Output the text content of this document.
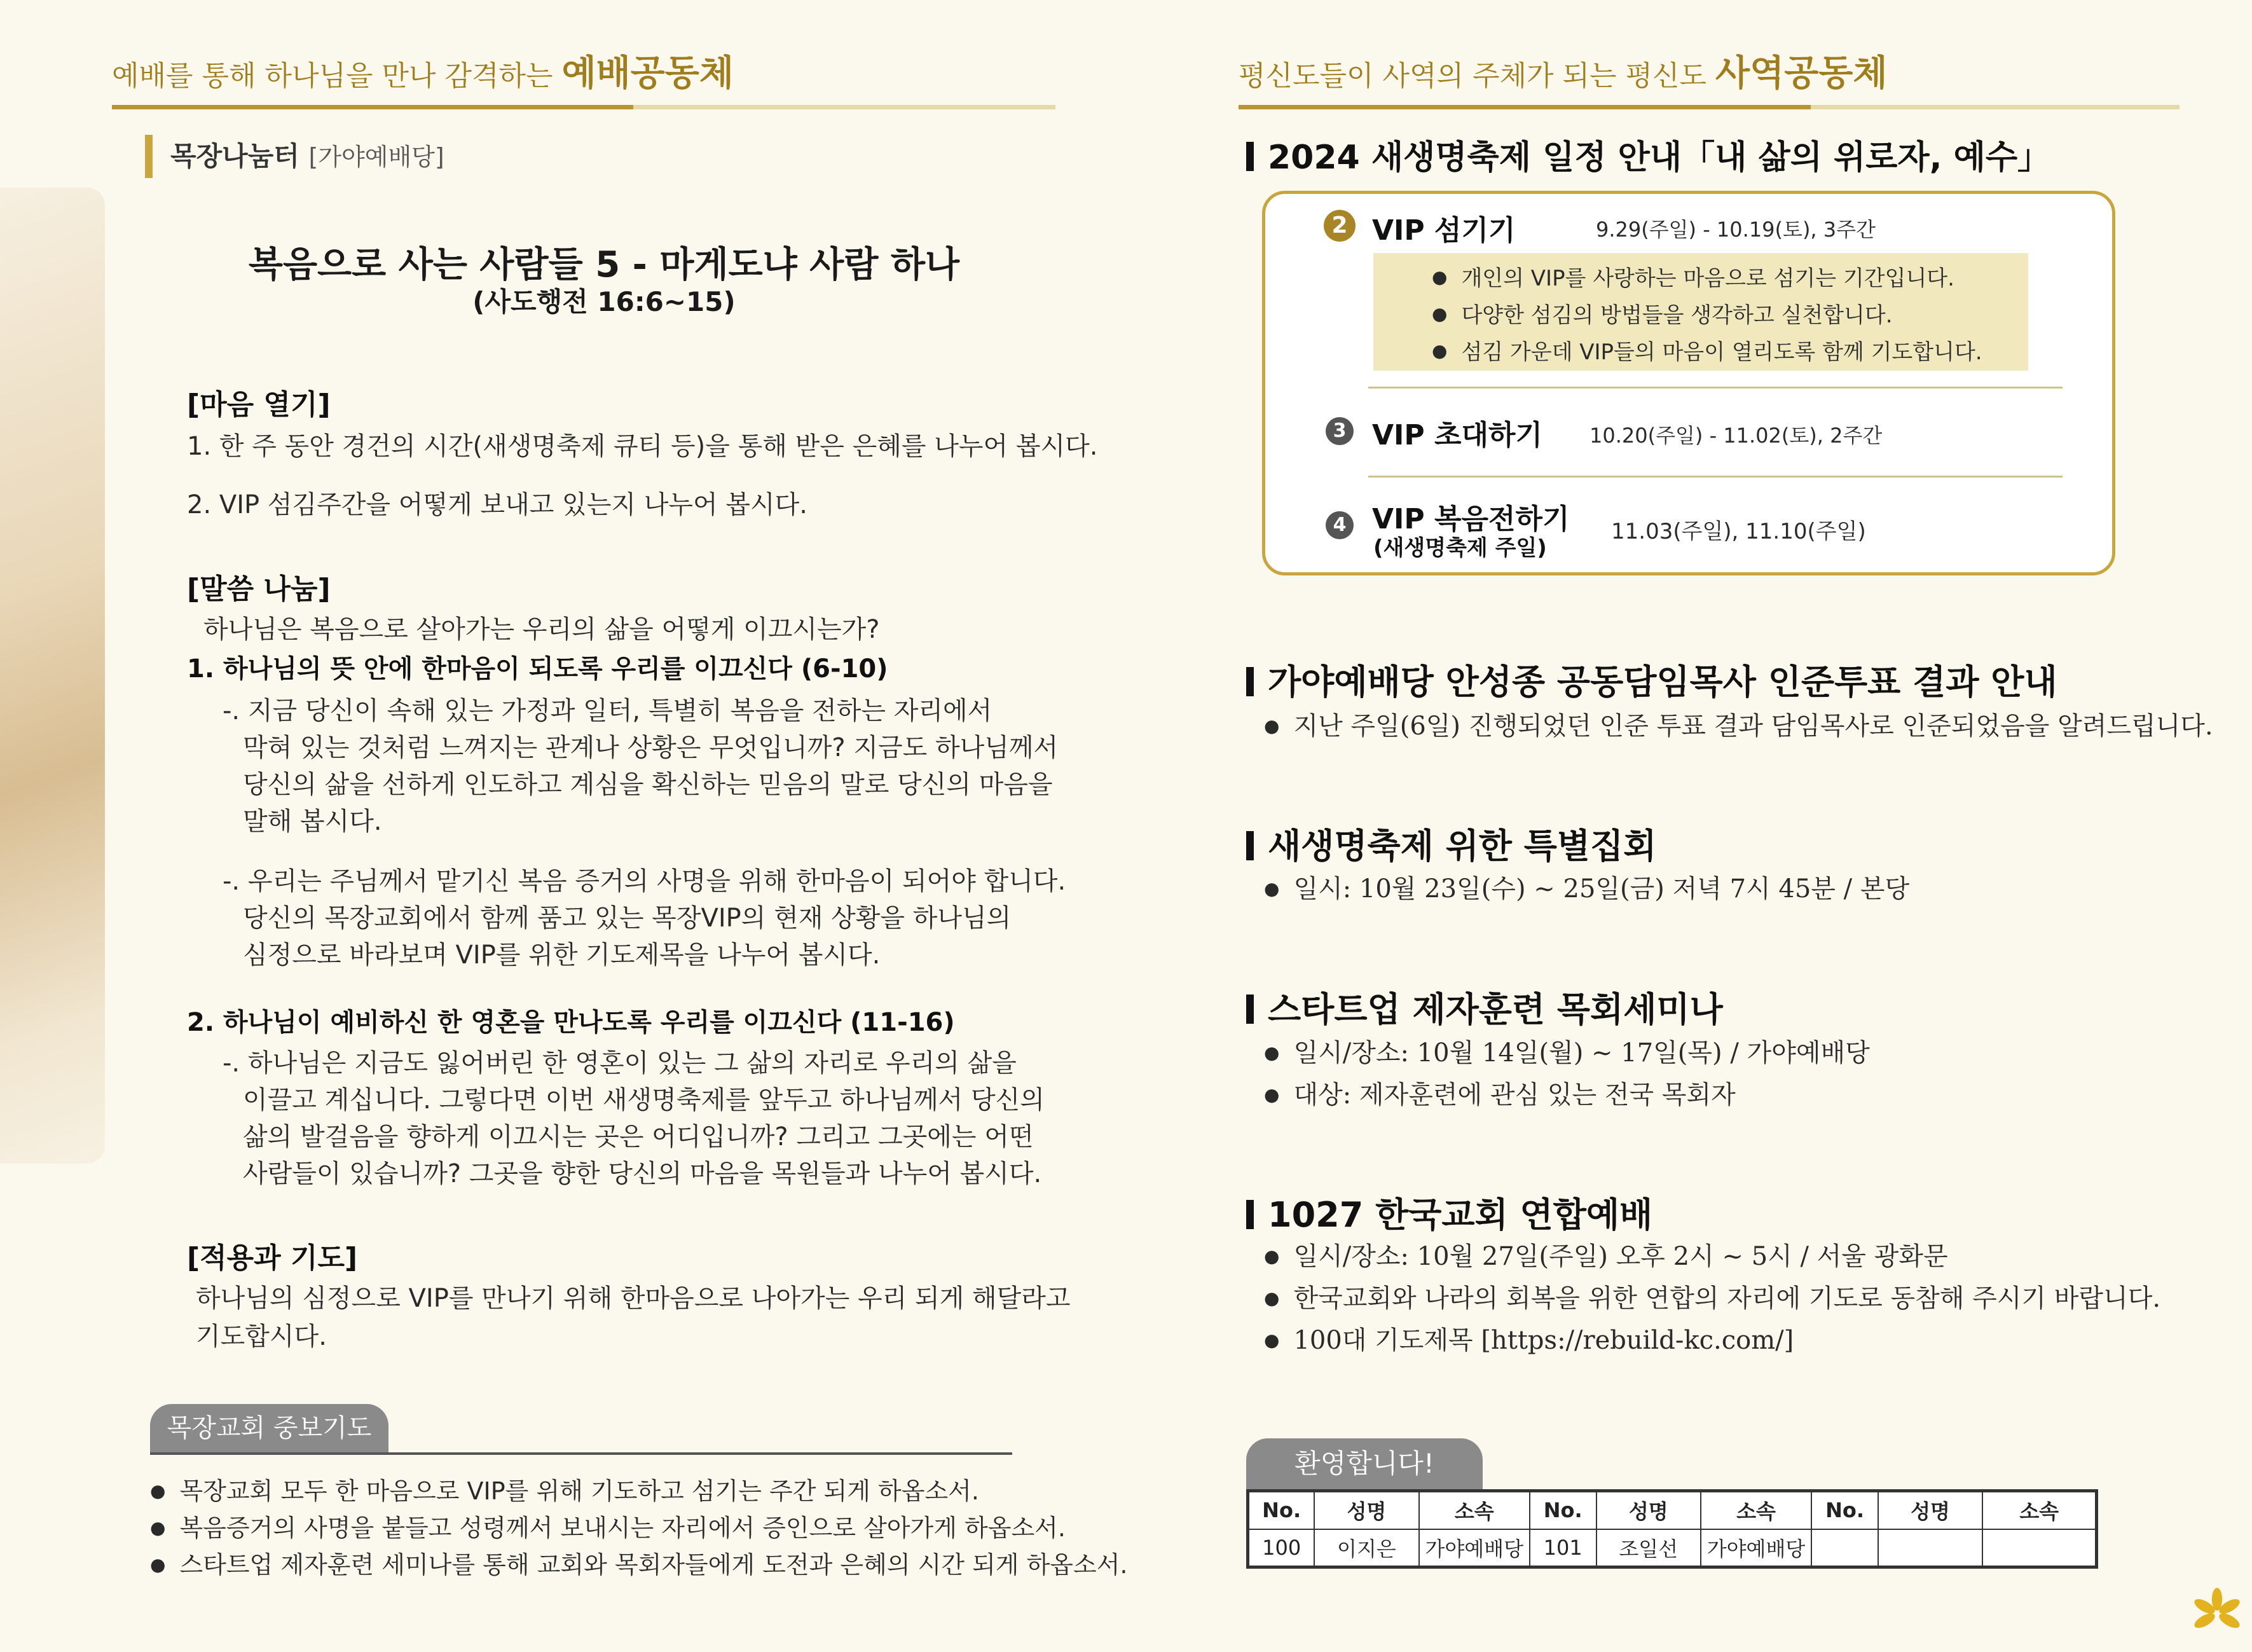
예배를 통해 하나님을 만나 감격하는 예배공동체
목장나눔터 [가야예배당]
복음으로 사는 사람들 5 - 마게도냐 사람 하나
(사도행전 16:6~15)
[마음 열기]
1. 한 주 동안 경건의 시간(새생명축제 큐티 등)을 통해 받은 은혜를 나누어 봅시다.
2. VIP 섬김주간을 어떻게 보내고 있는지 나누어 봅시다.
[말씀 나눔]
하나님은 복음으로 살아가는 우리의 삶을 어떻게 이끄시는가?
1. 하나님의 뜻 안에 한마음이 되도록 우리를 이끄신다 (6-10)
-. 지금 당신이 속해 있는 가정과 일터, 특별히 복음을 전하는 자리에서
막혀 있는 것처럼 느껴지는 관계나 상황은 무엇입니까? 지금도 하나님께서
당신의 삶을 선하게 인도하고 계심을 확신하는 믿음의 말로 당신의 마음을
말해 봅시다.
-. 우리는 주님께서 맡기신 복음 증거의 사명을 위해 한마음이 되어야 합니다.
당신의 목장교회에서 함께 품고 있는 목장VIP의 현재 상황을 하나님의
심정으로 바라보며 VIP를 위한 기도제목을 나누어 봅시다.
2. 하나님이 예비하신 한 영혼을 만나도록 우리를 이끄신다 (11-16)
-. 하나님은 지금도 잃어버린 한 영혼이 있는 그 삶의 자리로 우리의 삶을
이끌고 계십니다. 그렇다면 이번 새생명축제를 앞두고 하나님께서 당신의
삶의 발걸음을 향하게 이끄시는 곳은 어디입니까? 그리고 그곳에는 어떤
사람들이 있습니까? 그곳을 향한 당신의 마음을 목원들과 나누어 봅시다.
[적용과 기도]
하나님의 심정으로 VIP를 만나기 위해 한마음으로 나아가는 우리 되게 해달라고
기도합시다.
목장교회 중보기도
● 목장교회 모두 한 마음으로 VIP를 위해 기도하고 섬기는 주간 되게 하옵소서.
● 복음증거의 사명을 붙들고 성령께서 보내시는 자리에서 증인으로 살아가게 하옵소서.
● 스타트업 제자훈련 세미나를 통해 교회와 목회자들에게 도전과 은혜의 시간 되게 하옵소서.
평신도들이 사역의 주체가 되는 평신도 사역공동체
2024 새생명축제 일정 안내「내 삶의 위로자, 예수」
2 VIP 섬기기	9.29(주일) - 10.19(토), 3주간
● 개인의 VIP를 사랑하는 마음으로 섬기는 기간입니다.
● 다양한 섬김의 방법들을 생각하고 실천합니다.
● 섬김 가운데 VIP들의 마음이 열리도록 함께 기도합니다.
3 VIP 초대하기 10.20(주일) - 11.02(토), 2주간
4 VIP 복음전하기
(새생명축제 주일)
11.03(주일), 11.10(주일)
가야예배당 안성종 공동담임목사 인준투표 결과 안내
● 지난 주일(6일) 진행되었던 인준 투표 결과 담임목사로 인준되었음을 알려드립니다.
새생명축제 위한 특별집회
● 일시: 10월 23일(수) ~ 25일(금) 저녁 7시 45분 / 본당
스타트업 제자훈련 목회세미나
● 일시/장소: 10월 14일(월) ~ 17일(목) / 가야예배당
● 대상: 제자훈련에 관심 있는 전국 목회자
1027 한국교회 연합예배
● 일시/장소: 10월 27일(주일) 오후 2시 ~ 5시 / 서울 광화문
● 한국교회와 나라의 회복을 위한 연합의 자리에 기도로 동참해 주시기 바랍니다.
● 100대 기도제목 [https://rebuild-kc.com/]
환영합니다!
No.	성명	소속	No.	성명	소속	No.	성명	소속
100	이지은	가야예배당	101	조일선	가야예배당			
